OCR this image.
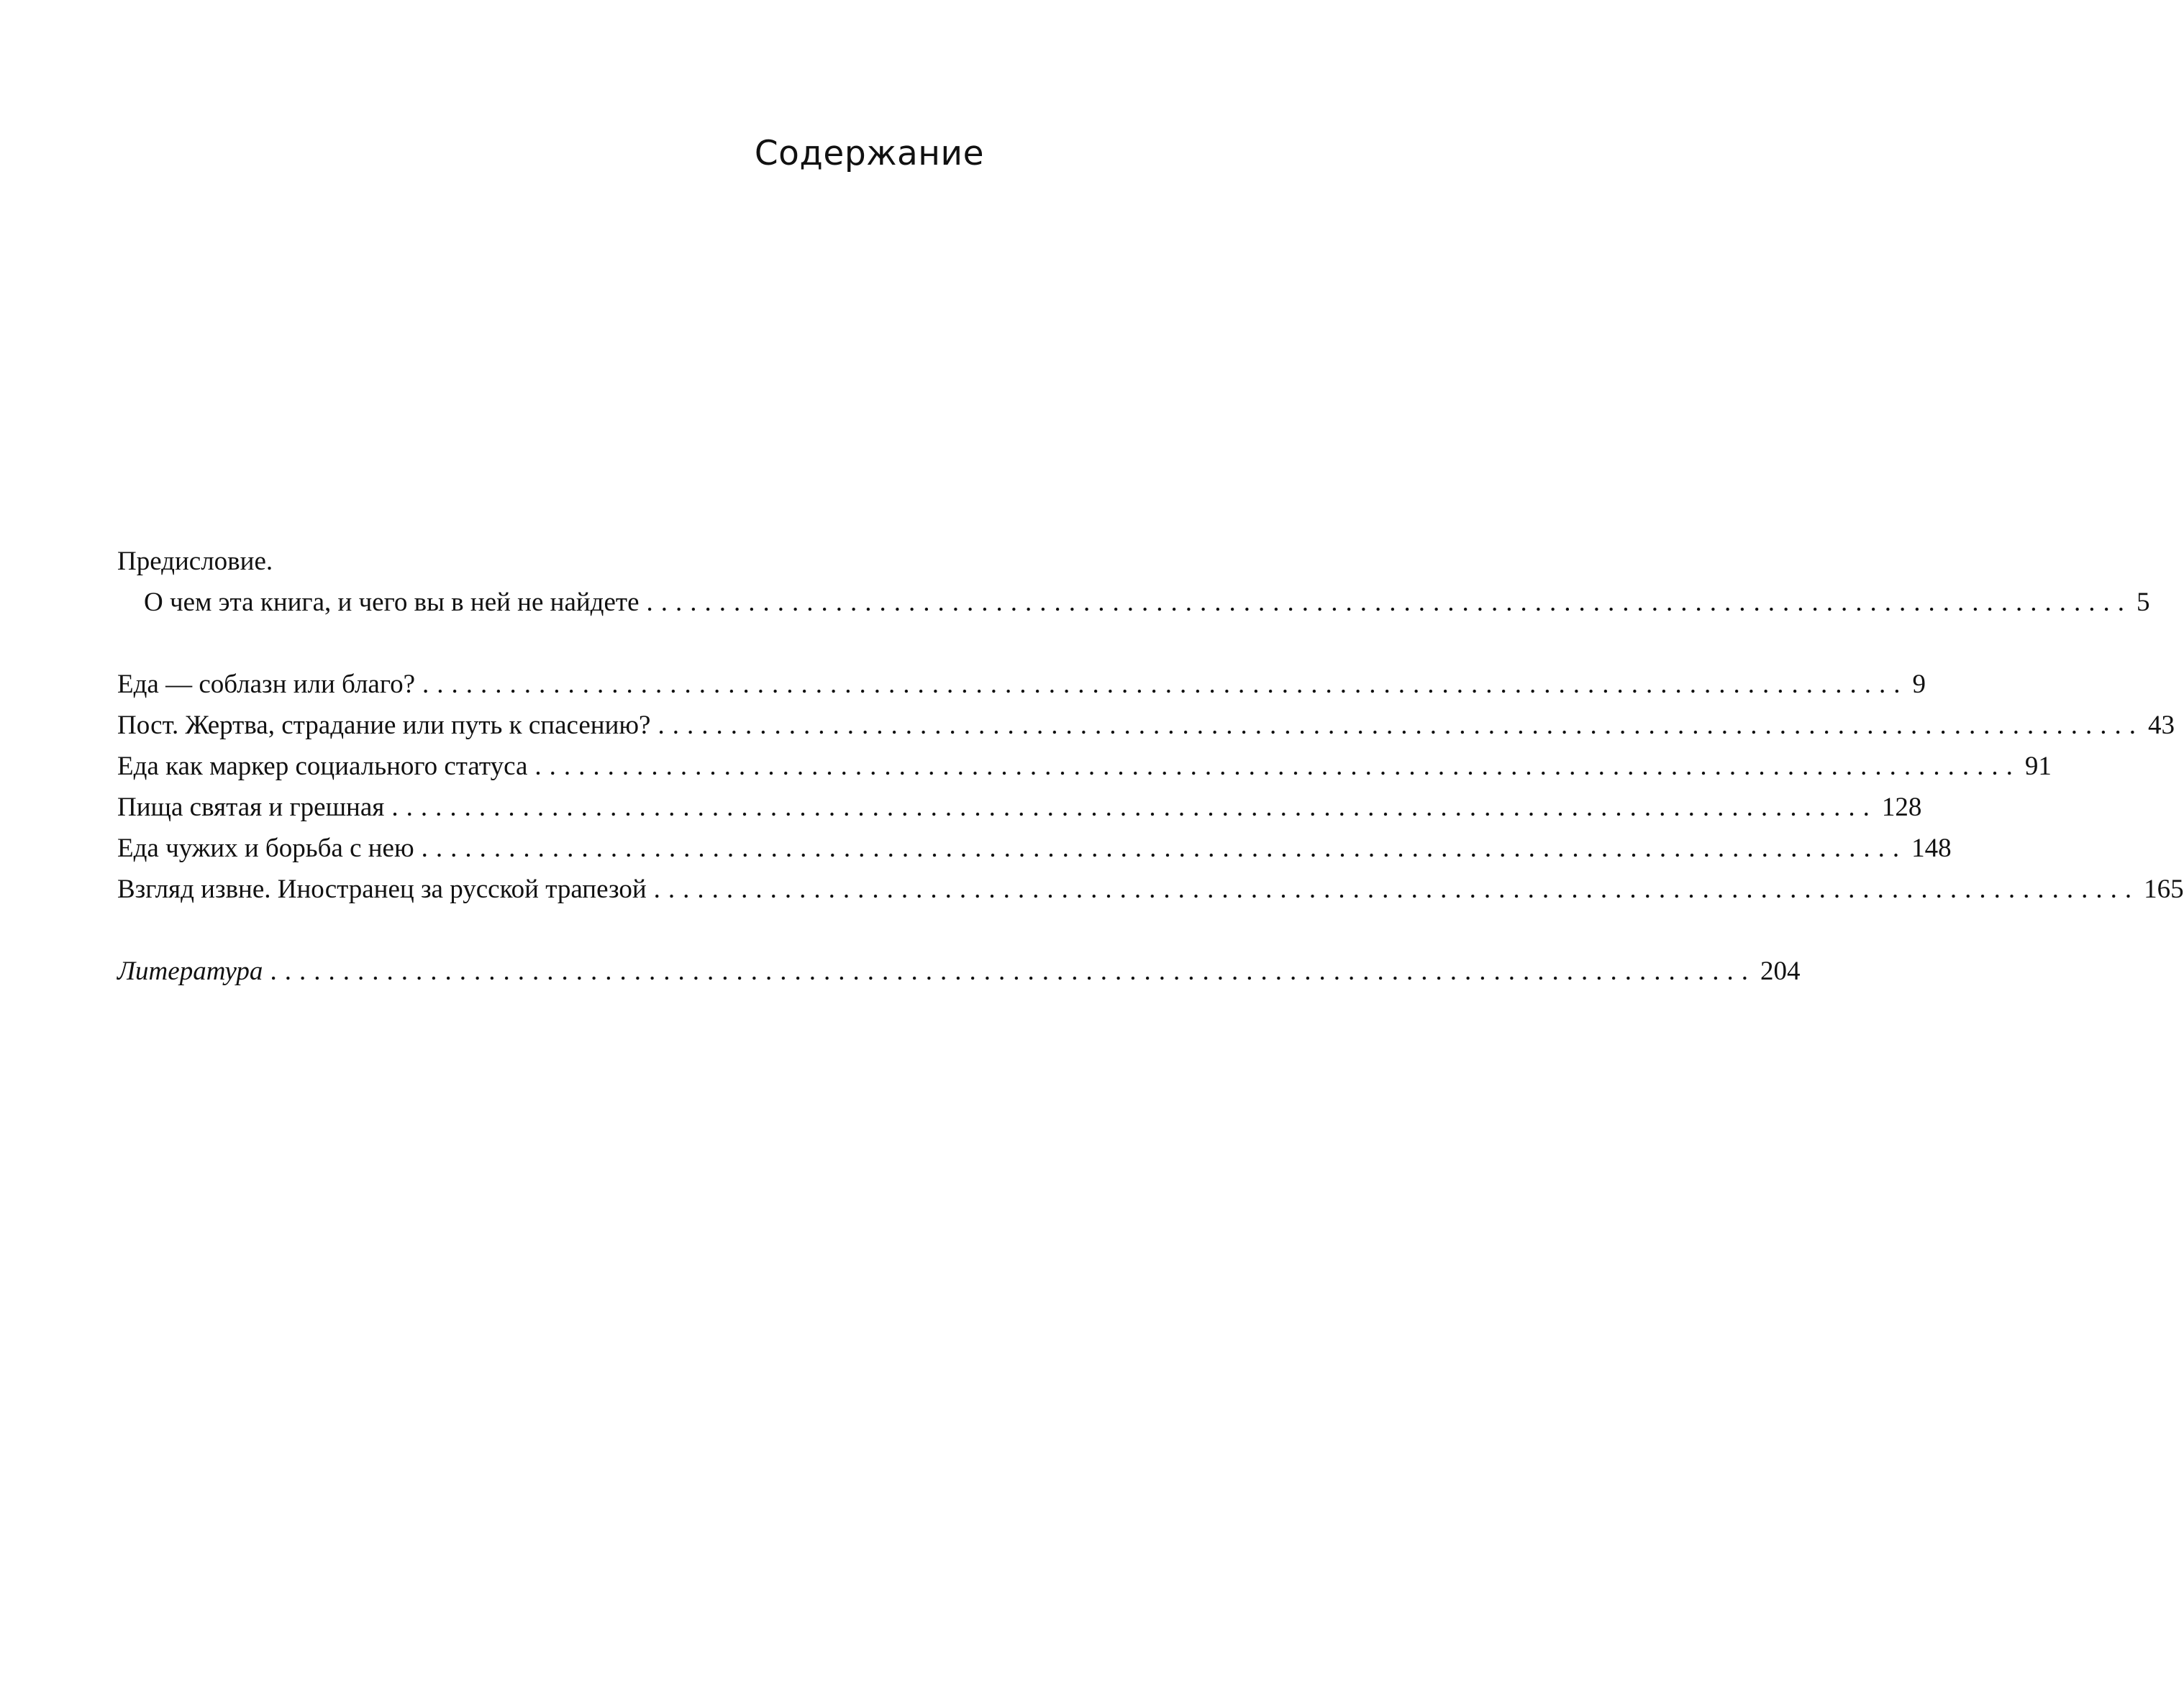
Содержание
Предисловие.
О чем эта книга, и чего вы в ней не найдете ...................................................................................................... 5
Еда — соблазн или благо? ...................................................................................................... 9
Пост. Жертва, страдание или путь к спасению? ...................................................................................................... 43
Еда как маркер социального статуса ...................................................................................................... 91
Пища святая и грешная ...................................................................................................... 128
Еда чужих и борьба с нею ...................................................................................................... 148
Взгляд извне. Иностранец за русской трапезой ...................................................................................................... 165
Литература ...................................................................................................... 204
